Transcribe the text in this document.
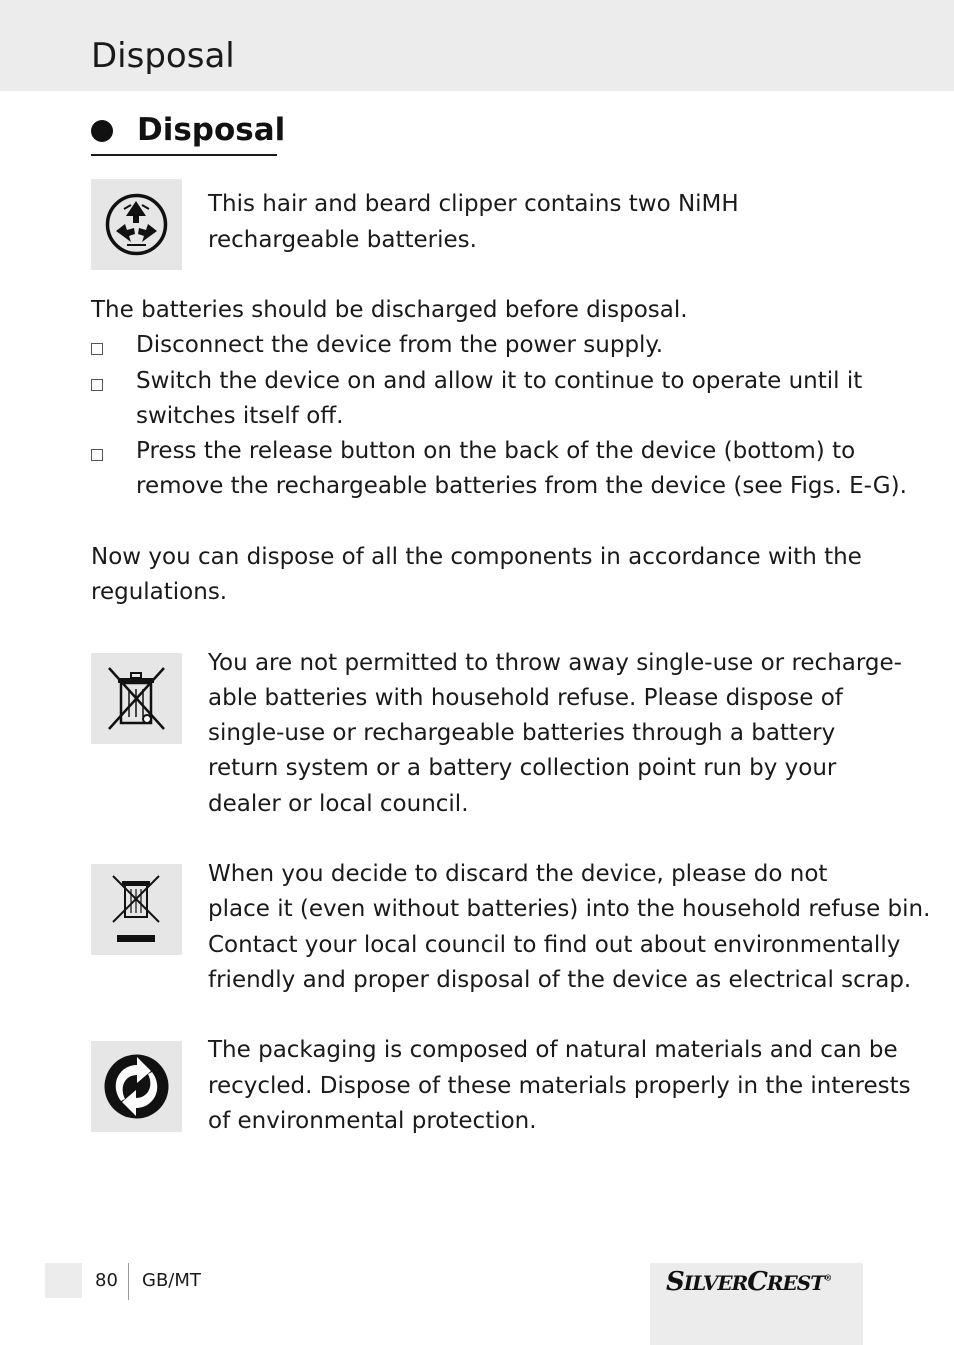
Disposal
Disposal
This hair and beard clipper contains two NiMH
rechargeable batteries.
The batteries should be discharged before disposal.
Disconnect the device from the power supply.
Switch the device on and allow it to continue to operate until it
switches itself off.
Press the release button on the back of the device (bottom) to
remove the rechargeable batteries from the device (see Figs. E-G).
Now you can dispose of all the components in accordance with the
regulations.
You are not permitted to throw away single-use or recharge-
able batteries with household refuse. Please dispose of
single-use or rechargeable batteries through a battery
return system or a battery collection point run by your
dealer or local council.
When you decide to discard the device, please do not
place it (even without batteries) into the household refuse bin.
Contact your local council to find out about environmentally
friendly and proper disposal of the device as electrical scrap.
The packaging is composed of natural materials and can be
recycled. Dispose of these materials properly in the interests
of environmental protection.
80 GB/MT	SILVERCREST®
